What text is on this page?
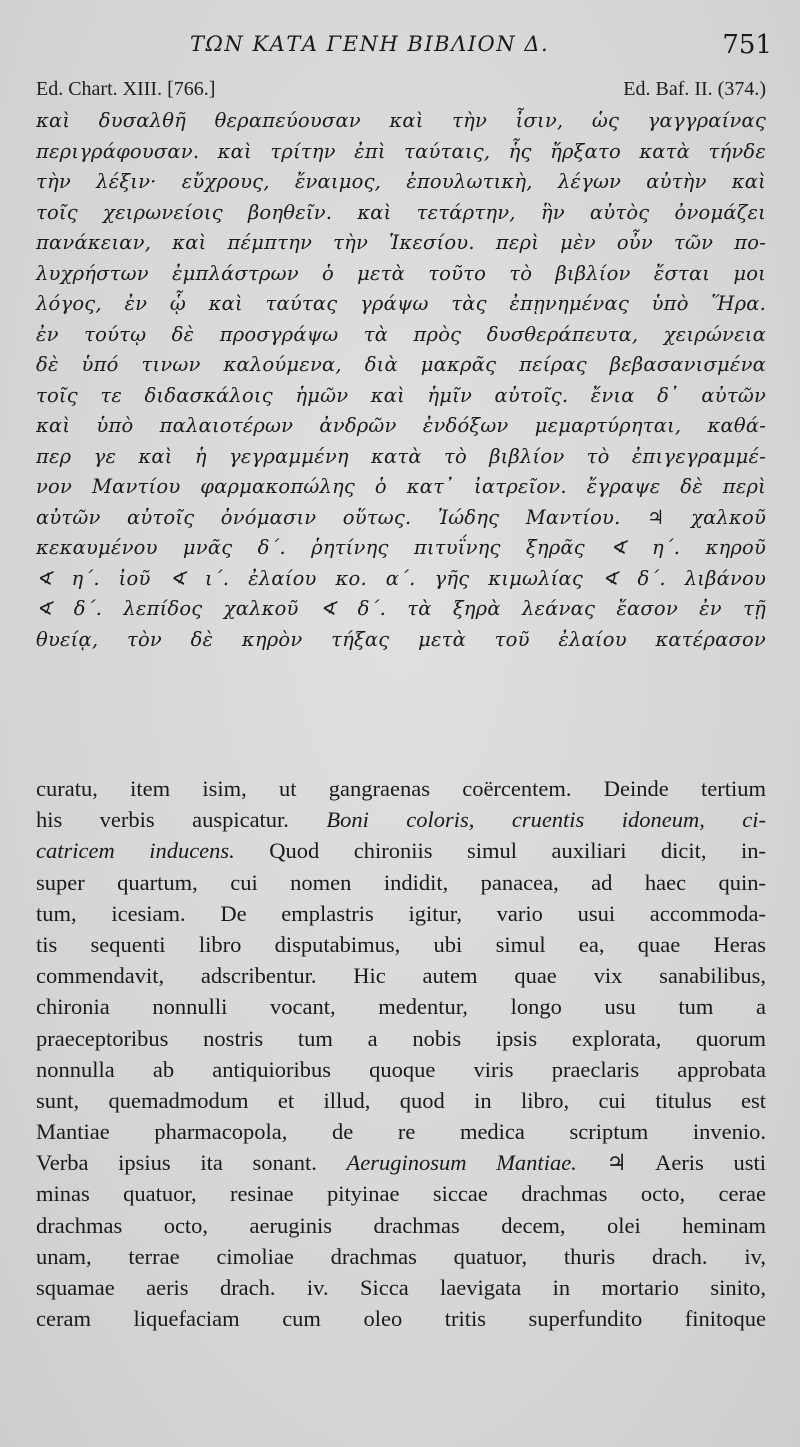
ΤΩΝ ΚΑΤΑ ΓΕΝΗ ΒΙΒΛΙΟΝ Δ.	751
Ed. Chart. XIII. [766.]	Ed. Baf. II. (374.)
καὶ δυσαλθῆ θεραπεύουσαν καὶ τὴν ἶσιν, ὡς γαγγραίνας
περιγράφουσαν. καὶ τρίτην ἐπὶ ταύταις, ἧς ἤρξατο κατὰ τήνδε
τὴν λέξιν· εὔχρους, ἔναιμος, ἐπουλωτικὴ, λέγων αὐτὴν καὶ
τοῖς χειρωνείοις βοηθεῖν. καὶ τετάρτην, ἣν αὐτὸς ὀνομάζει
πανάκειαν, καὶ πέμπτην τὴν Ἱκεσίου. περὶ μὲν οὖν τῶν πο-
λυχρήστων ἐμπλάστρων ὁ μετὰ τοῦτο τὸ βιβλίον ἔσται μοι
λόγος, ἐν ᾧ καὶ ταύτας γράψω τὰς ἐπῃνημένας ὑπὸ Ἥρα.
ἐν τούτῳ δὲ προσγράψω τὰ πρὸς δυσθεράπευτα, χειρώνεια
δὲ ὑπό τινων καλούμενα, διὰ μακρᾶς πείρας βεβασανισμένα
τοῖς τε διδασκάλοις ἡμῶν καὶ ἡμῖν αὐτοῖς. ἔνια δ᾽ αὐτῶν
καὶ ὑπὸ παλαιοτέρων ἀνδρῶν ἐνδόξων μεμαρτύρηται, καθά-
περ γε καὶ ἡ γεγραμμένη κατὰ τὸ βιβλίον τὸ ἐπιγεγραμμέ-
νον Μαντίου φαρμακοπώλης ὁ κατ᾽ ἰατρεῖον. ἔγραψε δὲ περὶ
αὐτῶν αὐτοῖς ὀνόμασιν οὕτως. Ἰώδης Μαντίου. ♃ χαλκοῦ
κεκαυμένου μνᾶς δ΄. ῥητίνης πιτυΐνης ξηρᾶς ∢ η΄. κηροῦ
∢ η΄. ἰοῦ ∢ ι΄. ἐλαίου κο. α΄. γῆς κιμωλίας ∢ δ΄. λιβάνου
∢ δ΄. λεπίδος χαλκοῦ ∢ δ΄. τὰ ξηρὰ λεάνας ἔασον ἐν τῇ
θυείᾳ, τὸν δὲ κηρὸν τήξας μετὰ τοῦ ἐλαίου κατέρασον
curatu, item isim, ut gangraenas coërcentem. Deinde tertium
his verbis auspicatur. Boni coloris, cruentis idoneum, ci-
catricem inducens. Quod chironiis simul auxiliari dicit, in-
super quartum, cui nomen indidit, panacea, ad haec quin-
tum, icesiam. De emplastris igitur, vario usui accommoda-
tis sequenti libro disputabimus, ubi simul ea, quae Heras
commendavit, adscribentur. Hic autem quae vix sanabilibus,
chironia nonnulli vocant, medentur, longo usu tum a
praeceptoribus nostris tum a nobis ipsis explorata, quorum
nonnulla ab antiquioribus quoque viris praeclaris approbata
sunt, quemadmodum et illud, quod in libro, cui titulus est
Mantiae pharmacopola, de re medica scriptum invenio.
Verba ipsius ita sonant. Aeruginosum Mantiae. ♃ Aeris usti
minas quatuor, resinae pityinae siccae drachmas octo, cerae
drachmas octo, aeruginis drachmas decem, olei heminam
unam, terrae cimoliae drachmas quatuor, thuris drach. iv,
squamae aeris drach. iv. Sicca laevigata in mortario sinito,
ceram liquefaciam cum oleo tritis superfundito finitoque
